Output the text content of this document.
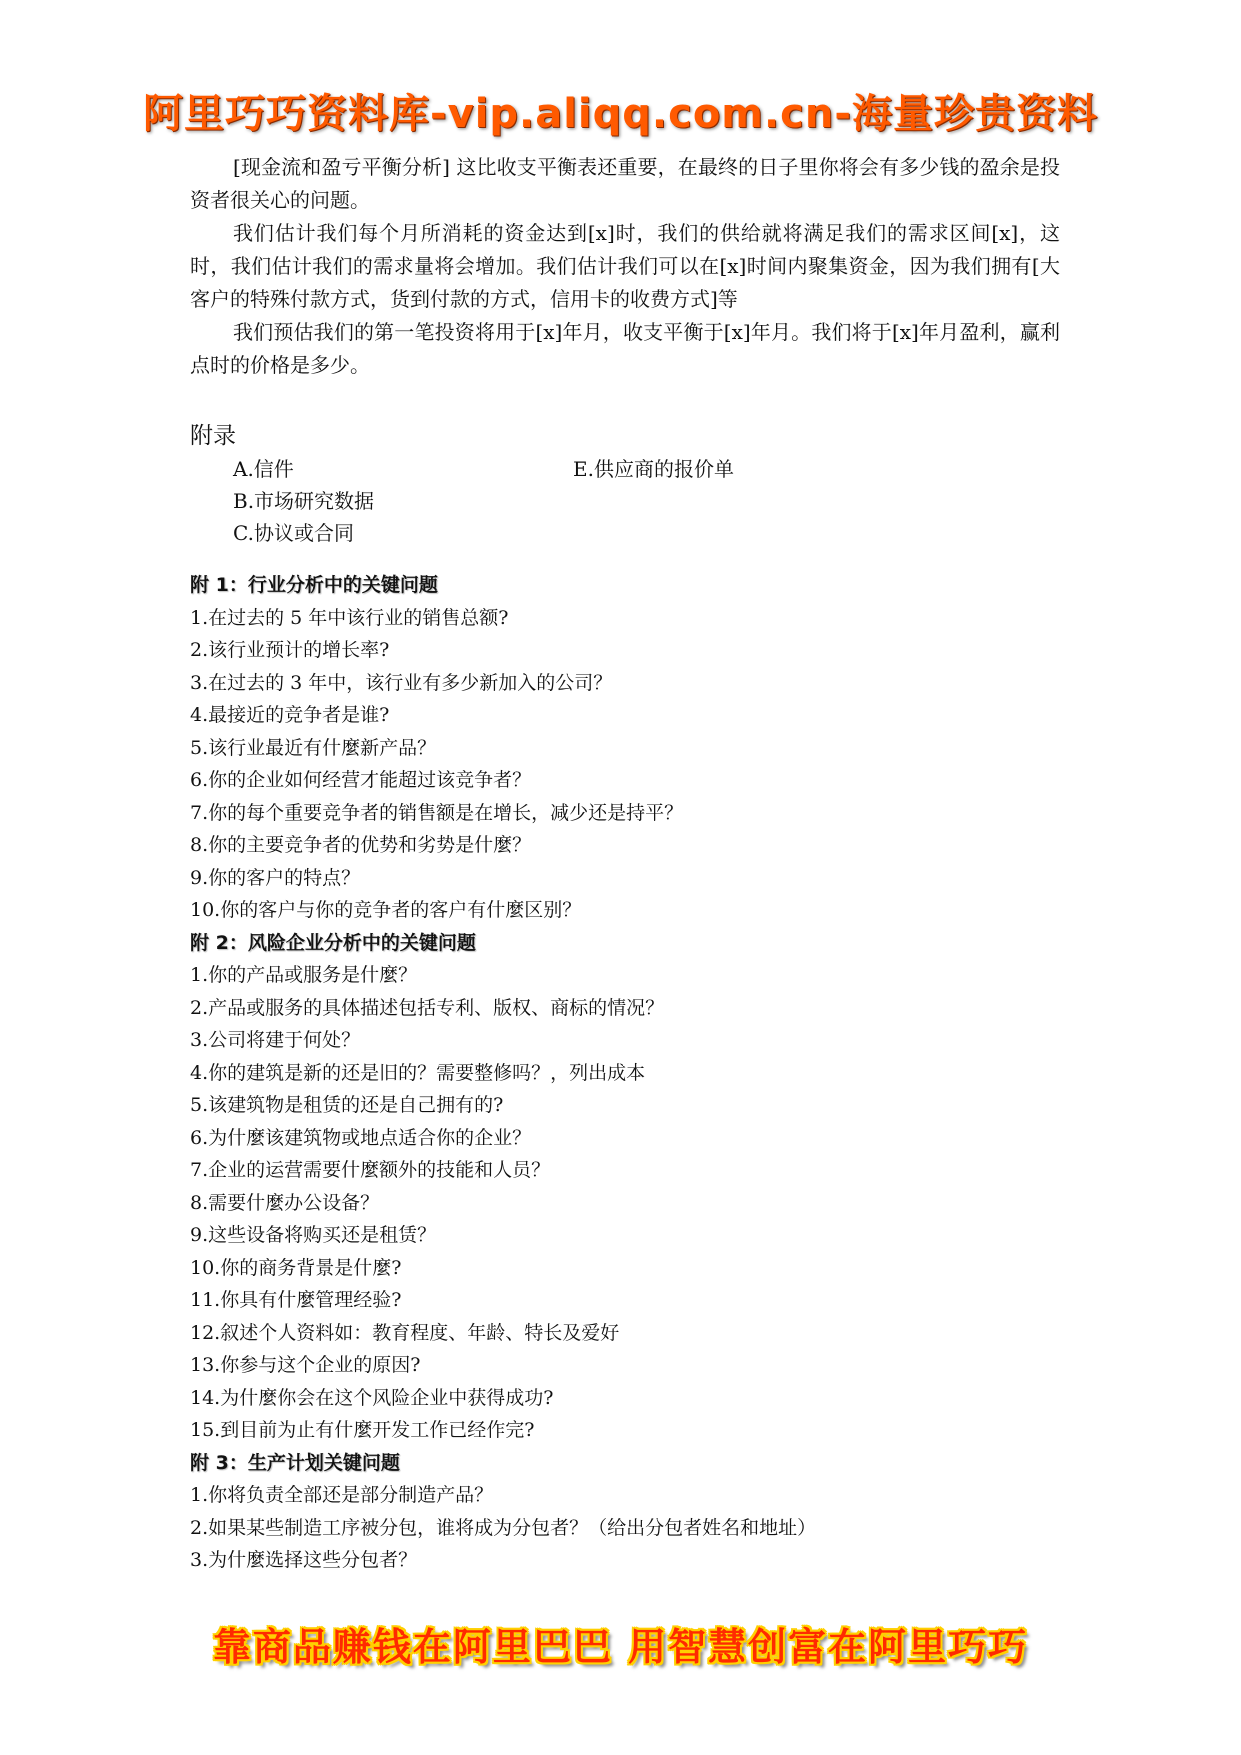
阿里巧巧资料库-vip.aliqq.com.cn-海量珍贵资料

[现金流和盈亏平衡分析] 这比收支平衡表还重要，在最终的日子里你将会有多少钱的盈余是投资者很关心的问题。

我们估计我们每个月所消耗的资金达到[x]时，我们的供给就将满足我们的需求区间[x]，这时，我们估计我们的需求量将会增加。我们估计我们可以在[x]时间内聚集资金，因为我们拥有[大客户的特殊付款方式，货到付款的方式，信用卡的收费方式]等

我们预估我们的第一笔投资将用于[x]年月，收支平衡于[x]年月。我们将于[x]年月盈利，赢利点时的价格是多少。

附录
A.信件	E.供应商的报价单
B.市场研究数据
C.协议或合同
附 1：行业分析中的关键问题
1.在过去的 5 年中该行业的销售总额?
2.该行业预计的增长率?
3.在过去的 3 年中，该行业有多少新加入的公司？
4.最接近的竞争者是谁?
5.该行业最近有什麼新产品？
6.你的企业如何经营才能超过该竞争者？
7.你的每个重要竞争者的销售额是在增长，减少还是持平？
8.你的主要竞争者的优势和劣势是什麼？
9.你的客户的特点？
10.你的客户与你的竞争者的客户有什麼区别？
附 2：风险企业分析中的关键问题
1.你的产品或服务是什麼？
2.产品或服务的具体描述包括专利、版权、商标的情况？
3.公司将建于何处？
4.你的建筑是新的还是旧的？需要整修吗？，列出成本
5.该建筑物是租赁的还是自己拥有的?
6.为什麼该建筑物或地点适合你的企业？
7.企业的运营需要什麼额外的技能和人员？
8.需要什麼办公设备？
9.这些设备将购买还是租赁？
10.你的商务背景是什麼?
11.你具有什麼管理经验?
12.叙述个人资料如：教育程度、年龄、特长及爱好
13.你参与这个企业的原因?
14.为什麼你会在这个风险企业中获得成功?
15.到目前为止有什麼开发工作已经作完?
附 3：生产计划关键问题
1.你将负责全部还是部分制造产品？
2.如果某些制造工序被分包，谁将成为分包者？（给出分包者姓名和地址）
3.为什麼选择这些分包者？
靠商品赚钱在阿里巴巴 用智慧创富在阿里巧巧
